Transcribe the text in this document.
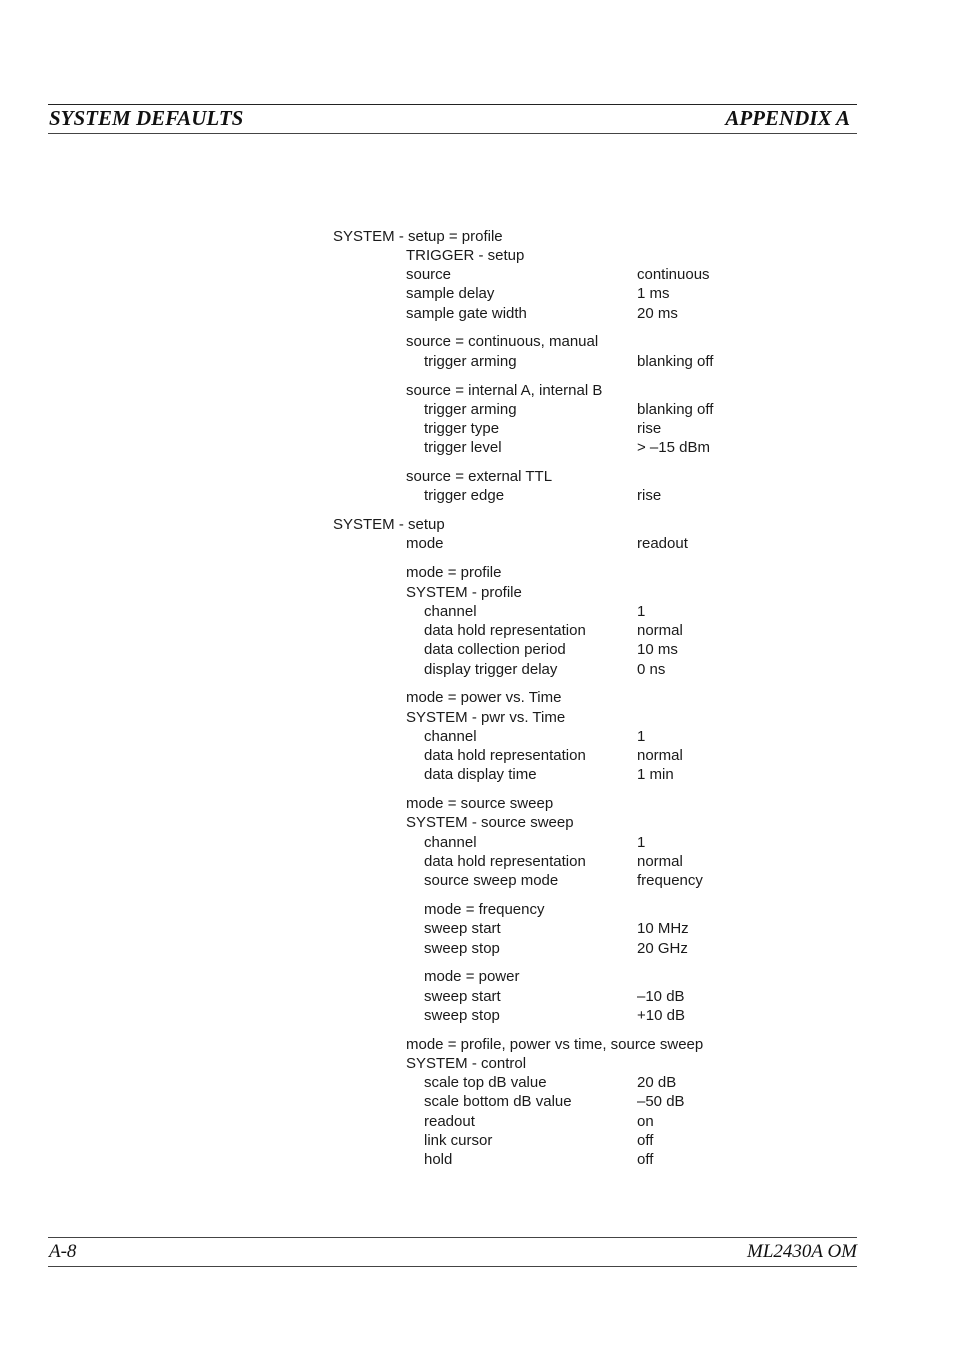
SYSTEM DEFAULTS	APPENDIX A
SYSTEM - setup = profile
TRIGGER - setup
source	continuous
sample delay	1 ms
sample gate width	20 ms
source = continuous, manual
trigger arming	blanking off
source = internal A, internal B
trigger arming	blanking off
trigger type	rise
trigger level	> –15 dBm
source = external TTL
trigger edge	rise
SYSTEM - setup
mode	readout
mode = profile
SYSTEM - profile
channel	1
data hold representation	normal
data collection period	10 ms
display trigger delay	0 ns
mode = power vs. Time
SYSTEM - pwr vs. Time
channel	1
data hold representation	normal
data display time	1 min
mode = source sweep
SYSTEM - source sweep
channel	1
data hold representation	normal
source sweep mode	frequency
mode = frequency
sweep start	10 MHz
sweep stop	20 GHz
mode = power
sweep start	–10 dB
sweep stop	+10 dB
mode = profile, power vs time, source sweep
SYSTEM - control
scale top dB value	20 dB
scale bottom dB value	–50 dB
readout	on
link cursor	off
hold	off
A-8	ML2430A OM
